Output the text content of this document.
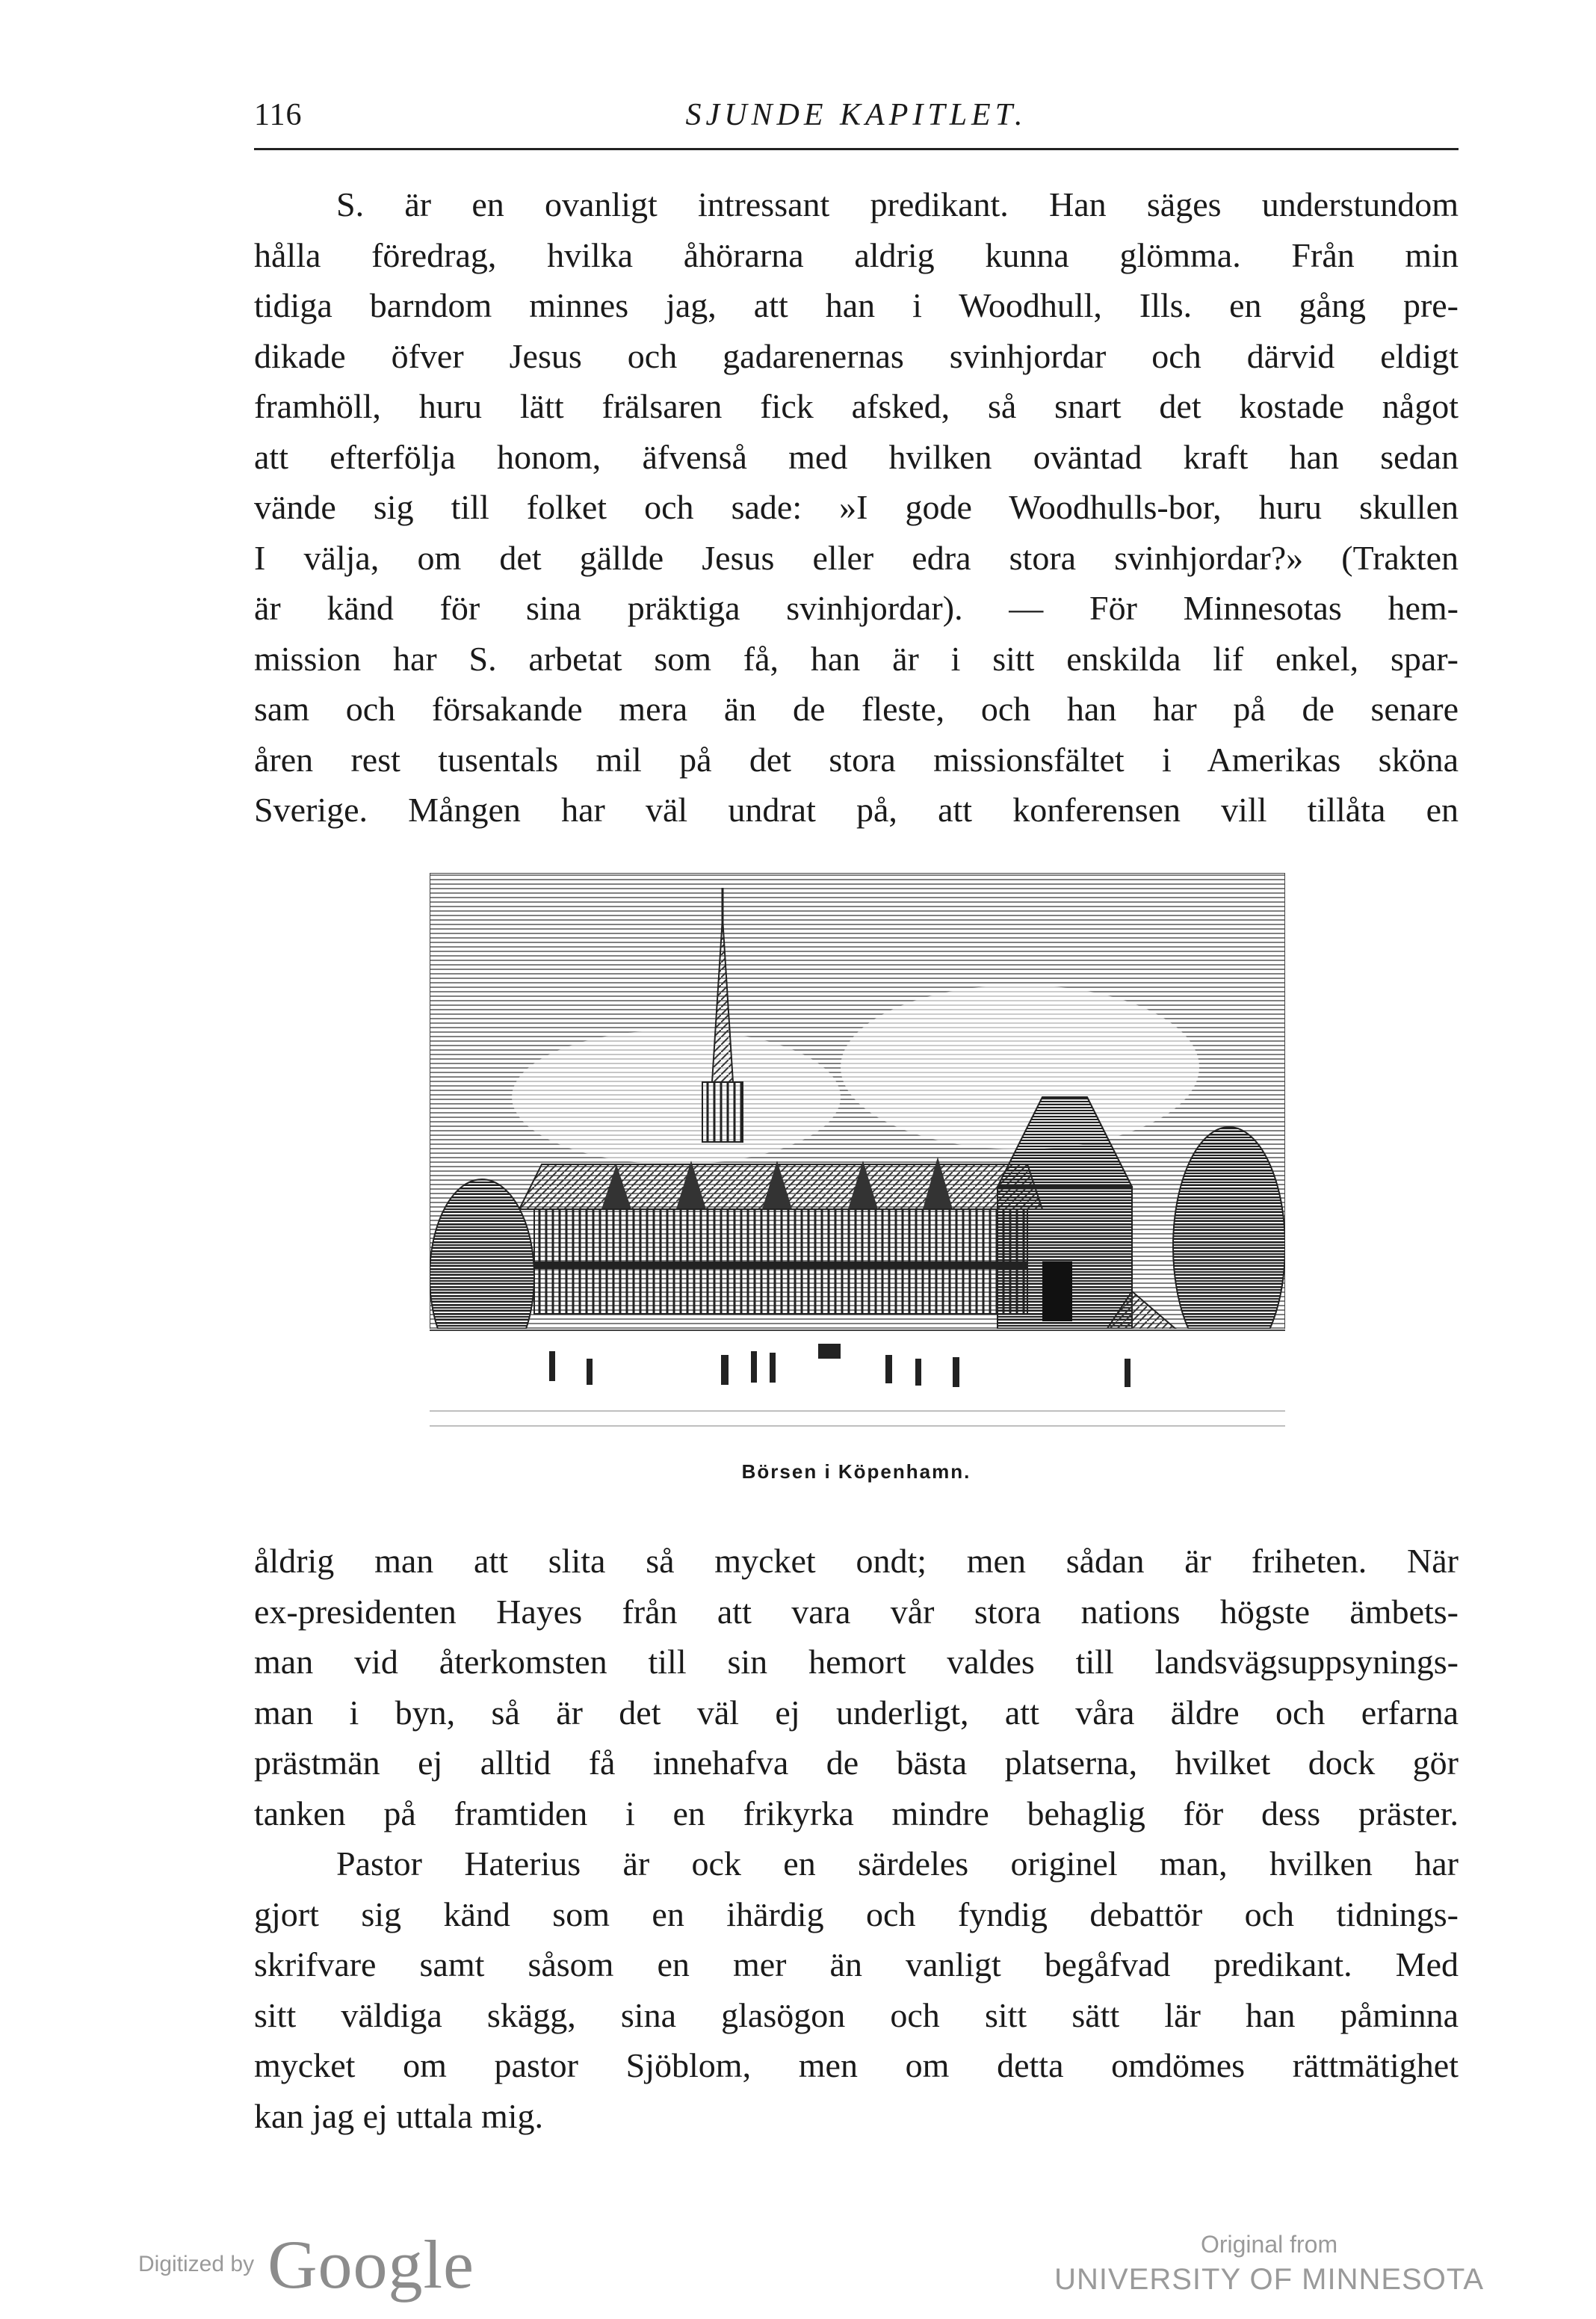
116	SJUNDE KAPITLET.
S. är en ovanligt intressant predikant. Han säges understundom
hålla föredrag, hvilka åhörarna aldrig kunna glömma. Från min
tidiga barndom minnes jag, att han i Woodhull, Ills. en gång pre-
dikade öfver Jesus och gadarenernas svinhjordar och därvid eldigt
framhöll, huru lätt frälsaren fick afsked, så snart det kostade något
att efterfölja honom, äfvenså med hvilken oväntad kraft han sedan
vände sig till folket och sade: »I gode Woodhulls-bor, huru skullen
I välja, om det gällde Jesus eller edra stora svinhjordar?» (Trakten
är känd för sina präktiga svinhjordar). — För Minnesotas hem-
mission har S. arbetat som få, han är i sitt enskilda lif enkel, spar-
sam och försakande mera än de fleste, och han har på de senare
åren rest tusentals mil på det stora missionsfältet i Amerikas sköna
Sverige. Mången har väl undrat på, att konferensen vill tillåta en
Börsen i Köpenhamn.
åldrig man att slita så mycket ondt; men sådan är friheten. När
ex-presidenten Hayes från att vara vår stora nations högste ämbets-
man vid återkomsten till sin hemort valdes till landsvägsuppsynings-
man i byn, så är det väl ej underligt, att våra äldre och erfarna
prästmän ej alltid få innehafva de bästa platserna, hvilket dock gör
tanken på framtiden i en frikyrka mindre behaglig för dess präster.
Pastor Haterius är ock en särdeles originel man, hvilken har
gjort sig känd som en ihärdig och fyndig debattör och tidnings-
skrifvare samt såsom en mer än vanligt begåfvad predikant. Med
sitt väldiga skägg, sina glasögon och sitt sätt lär han påminna
mycket om pastor Sjöblom, men om detta omdömes rättmätighet
kan jag ej uttala mig.
Digitized by Google	Original from
UNIVERSITY OF MINNESOTA
